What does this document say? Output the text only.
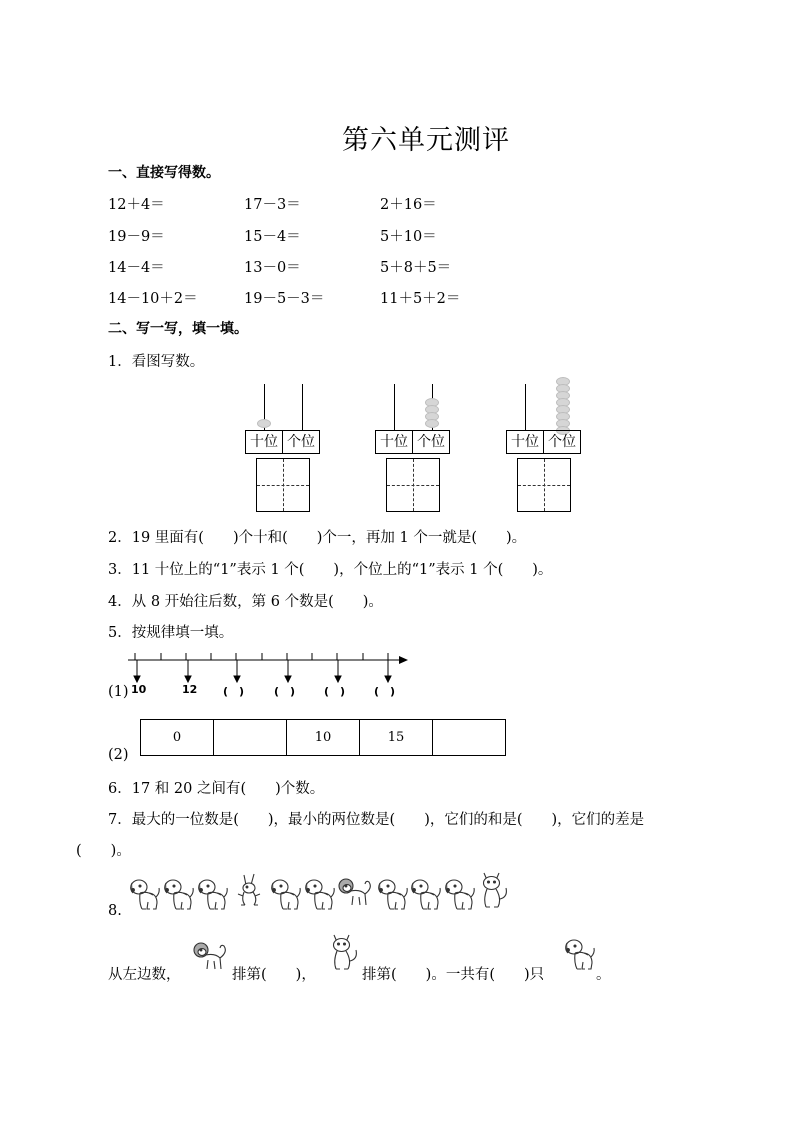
第六单元测评
一、直接写得数。
12＋4＝	17－3＝	2＋16＝
19－9＝	15－4＝	5＋10＝
14－4＝	13－0＝	5＋8＋5＝
14－10＋2＝	19－5－3＝	11＋5＋2＝
二、写一写，填一填。
1．看图写数。
十位 个位	十位 个位	十位 个位
2．19 里面有(　　)个十和(　　)个一，再加 1 个一就是(　　)。
3．11 十位上的“1”表示 1 个(　　)，个位上的“1”表示 1 个(　　)。
4．从 8 开始往后数，第 6 个数是(　　)。
5．按规律填一填。
(1) 10	12 (　)	(　)	(　)	(　)
(2)
0		10	15	
6．17 和 20 之间有(　　)个数。
7．最大的一位数是(　　)，最小的两位数是(　　)，它们的和是(　　)，它们的差是
(　　)。
8.
从左边数，	排第(　　)，	排第(　　)。一共有(　　)只	。
